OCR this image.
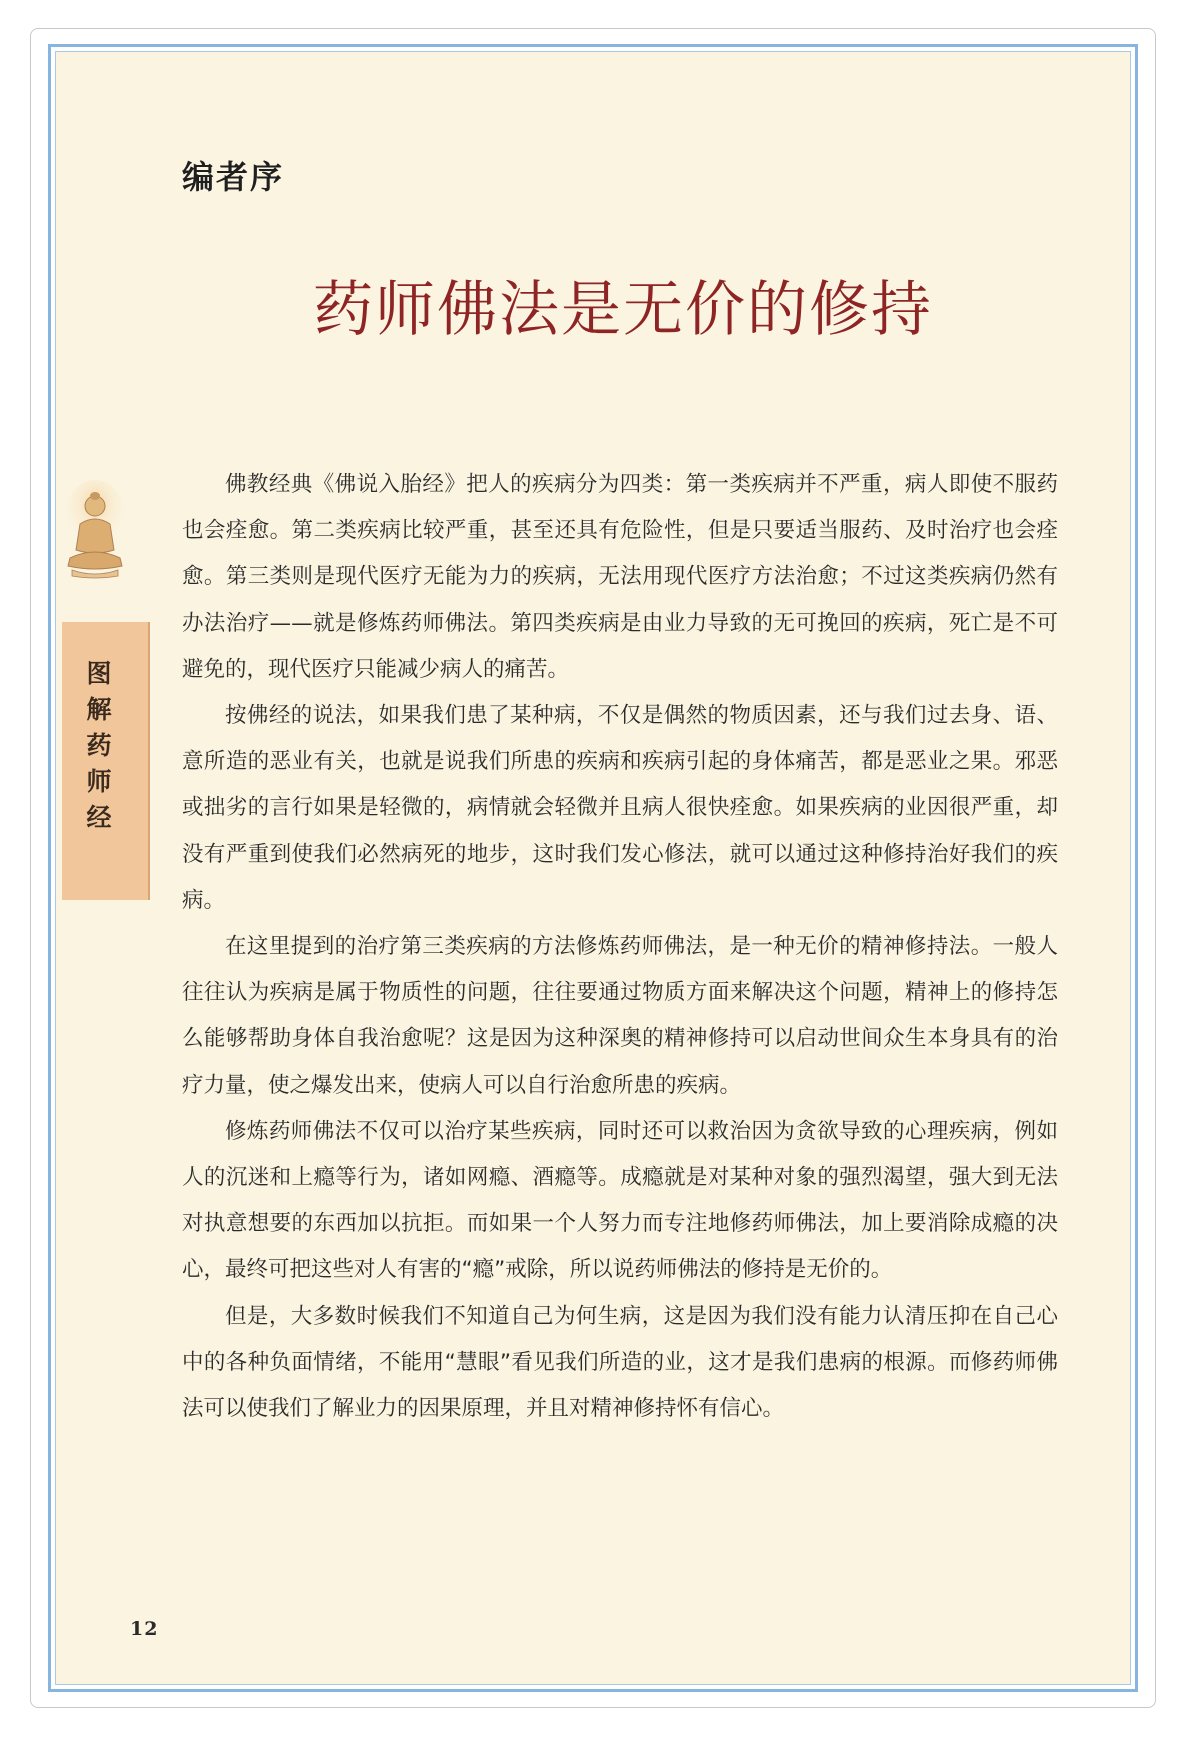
编者序
药师佛法是无价的修持
图解药师经

佛教经典《佛说入胎经》把人的疾病分为四类：第一类疾病并不严重，病人即使不服药也会痊愈。第二类疾病比较严重，甚至还具有危险性，但是只要适当服药、及时治疗也会痊愈。第三类则是现代医疗无能为力的疾病，无法用现代医疗方法治愈；不过这类疾病仍然有办法治疗——就是修炼药师佛法。第四类疾病是由业力导致的无可挽回的疾病，死亡是不可避免的，现代医疗只能减少病人的痛苦。

按佛经的说法，如果我们患了某种病，不仅是偶然的物质因素，还与我们过去身、语、意所造的恶业有关，也就是说我们所患的疾病和疾病引起的身体痛苦，都是恶业之果。邪恶或拙劣的言行如果是轻微的，病情就会轻微并且病人很快痊愈。如果疾病的业因很严重，却没有严重到使我们必然病死的地步，这时我们发心修法，就可以通过这种修持治好我们的疾病。

在这里提到的治疗第三类疾病的方法修炼药师佛法，是一种无价的精神修持法。一般人往往认为疾病是属于物质性的问题，往往要通过物质方面来解决这个问题，精神上的修持怎么能够帮助身体自我治愈呢？这是因为这种深奥的精神修持可以启动世间众生本身具有的治疗力量，使之爆发出来，使病人可以自行治愈所患的疾病。

修炼药师佛法不仅可以治疗某些疾病，同时还可以救治因为贪欲导致的心理疾病，例如人的沉迷和上瘾等行为，诸如网瘾、酒瘾等。成瘾就是对某种对象的强烈渴望，强大到无法对执意想要的东西加以抗拒。而如果一个人努力而专注地修药师佛法，加上要消除成瘾的决心，最终可把这些对人有害的“瘾”戒除，所以说药师佛法的修持是无价的。

但是，大多数时候我们不知道自己为何生病，这是因为我们没有能力认清压抑在自己心中的各种负面情绪，不能用“慧眼”看见我们所造的业，这才是我们患病的根源。而修药师佛法可以使我们了解业力的因果原理，并且对精神修持怀有信心。

12
